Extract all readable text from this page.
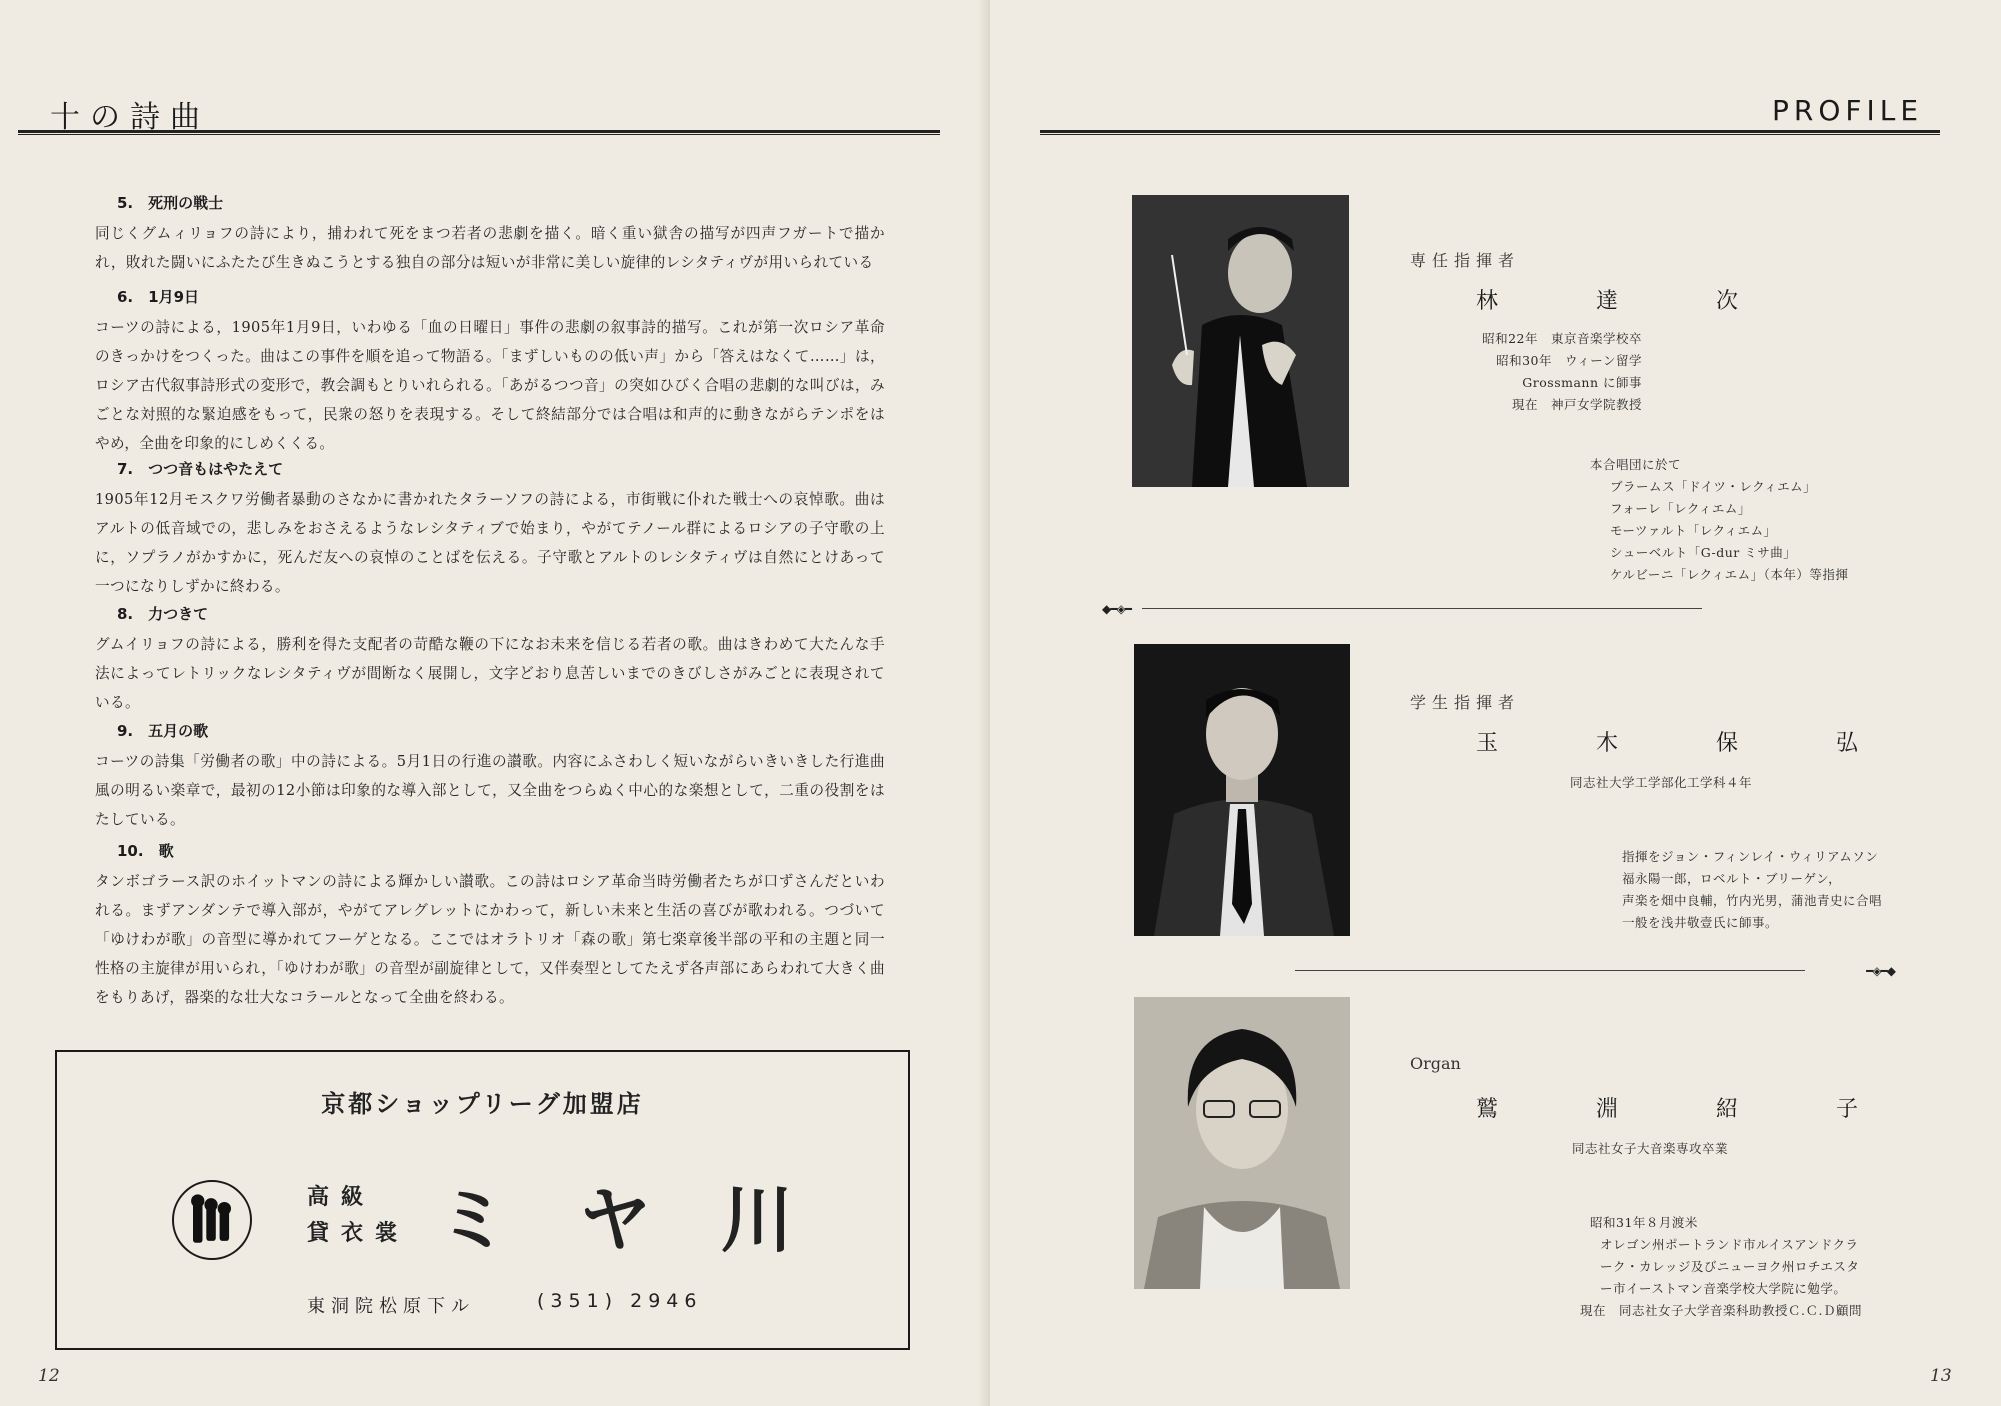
十の詩曲
5.　死刑の戦士
同じくグムィリョフの詩により，捕われて死をまつ若者の悲劇を描く。暗く重い獄舎の描写が四声フガートで描かれ，敗れた闘いにふたたび生きぬこうとする独自の部分は短いが非常に美しい旋律的レシタティヴが用いられている
6.　1月9日
コーツの詩による，1905年1月9日，いわゆる「血の日曜日」事件の悲劇の叙事詩的描写。これが第一次ロシア革命のきっかけをつくった。曲はこの事件を順を追って物語る。「まずしいものの低い声」から「答えはなくて……」は，ロシア古代叙事詩形式の変形で，教会調もとりいれられる。「あがるつつ音」の突如ひびく合唱の悲劇的な叫びは，みごとな対照的な緊迫感をもって，民衆の怒りを表現する。そして終結部分では合唱は和声的に動きながらテンポをはやめ，全曲を印象的にしめくくる。
7.　つつ音もはやたえて
1905年12月モスクワ労働者暴動のさなかに書かれたタラーソフの詩による，市街戦に仆れた戦士への哀悼歌。曲はアルトの低音域での，悲しみをおさえるようなレシタティブで始まり，やがてテノール群によるロシアの子守歌の上に，ソプラノがかすかに，死んだ友への哀悼のことばを伝える。子守歌とアルトのレシタティヴは自然にとけあって一つになりしずかに終わる。
8.　力つきて
グムイリョフの詩による，勝利を得た支配者の苛酷な鞭の下になお未来を信じる若者の歌。曲はきわめて大たんな手法によってレトリックなレシタティヴが間断なく展開し，文字どおり息苦しいまでのきびしさがみごとに表現されている。
9.　五月の歌
コーツの詩集「労働者の歌」中の詩による。5月1日の行進の讃歌。内容にふさわしく短いながらいきいきした行進曲風の明るい楽章で，最初の12小節は印象的な導入部として，又全曲をつらぬく中心的な楽想として，二重の役割をはたしている。
10.　歌
タンボゴラース訳のホイットマンの詩による輝かしい讃歌。この詩はロシア革命当時労働者たちが口ずさんだといわれる。まずアンダンテで導入部が，やがてアレグレットにかわって，新しい未来と生活の喜びが歌われる。つづいて「ゆけわが歌」の音型に導かれてフーゲとなる。ここではオラトリオ「森の歌」第七楽章後半部の平和の主題と同一性格の主旋律が用いられ，「ゆけわが歌」の音型が副旋律として，又伴奏型としてたえず各声部にあらわれて大きく曲をもりあげ，器楽的な壮大なコラールとなって全曲を終わる。
京都ショップリーグ加盟店
高級
貸衣裳 ミヤ川
東洞院松原下ル	(351) 2946
12
PROFILE
専任指揮者
林　達　次
昭和22年　東京音楽学校卒
昭和30年　ウィーン留学
Grossmann に師事
現在　神戸女学院教授
本合唱団に於て
ブラームス「ドイツ・レクィエム」
フォーレ「レクィエム」
モーツァルト「レクィエム」
シューベルト「G-dur ミサ曲」
ケルビーニ「レクィエム」（本年）等指揮
◆━◈━
学生指揮者
玉　木　保　弘
同志社大学工学部化工学科４年
指揮をジョン・フィンレイ・ウィリアムソン
福永陽一郎，ロベルト・ブリーゲン，
声楽を畑中良輔，竹内光男，蒲池青史に合唱
一般を浅井敬壹氏に師事。
━◈━◆
Organ
鷲　淵　紹　子
同志社女子大音楽専攻卒業
昭和31年８月渡米
オレゴン州ポートランド市ルイスアンドクラ
ーク・カレッジ及びニューヨク州ロチエスタ
ー市イーストマン音楽学校大学院に勉学。
現在　同志社女子大学音楽科助教授Ｃ.Ｃ.Ｄ顧問
13
